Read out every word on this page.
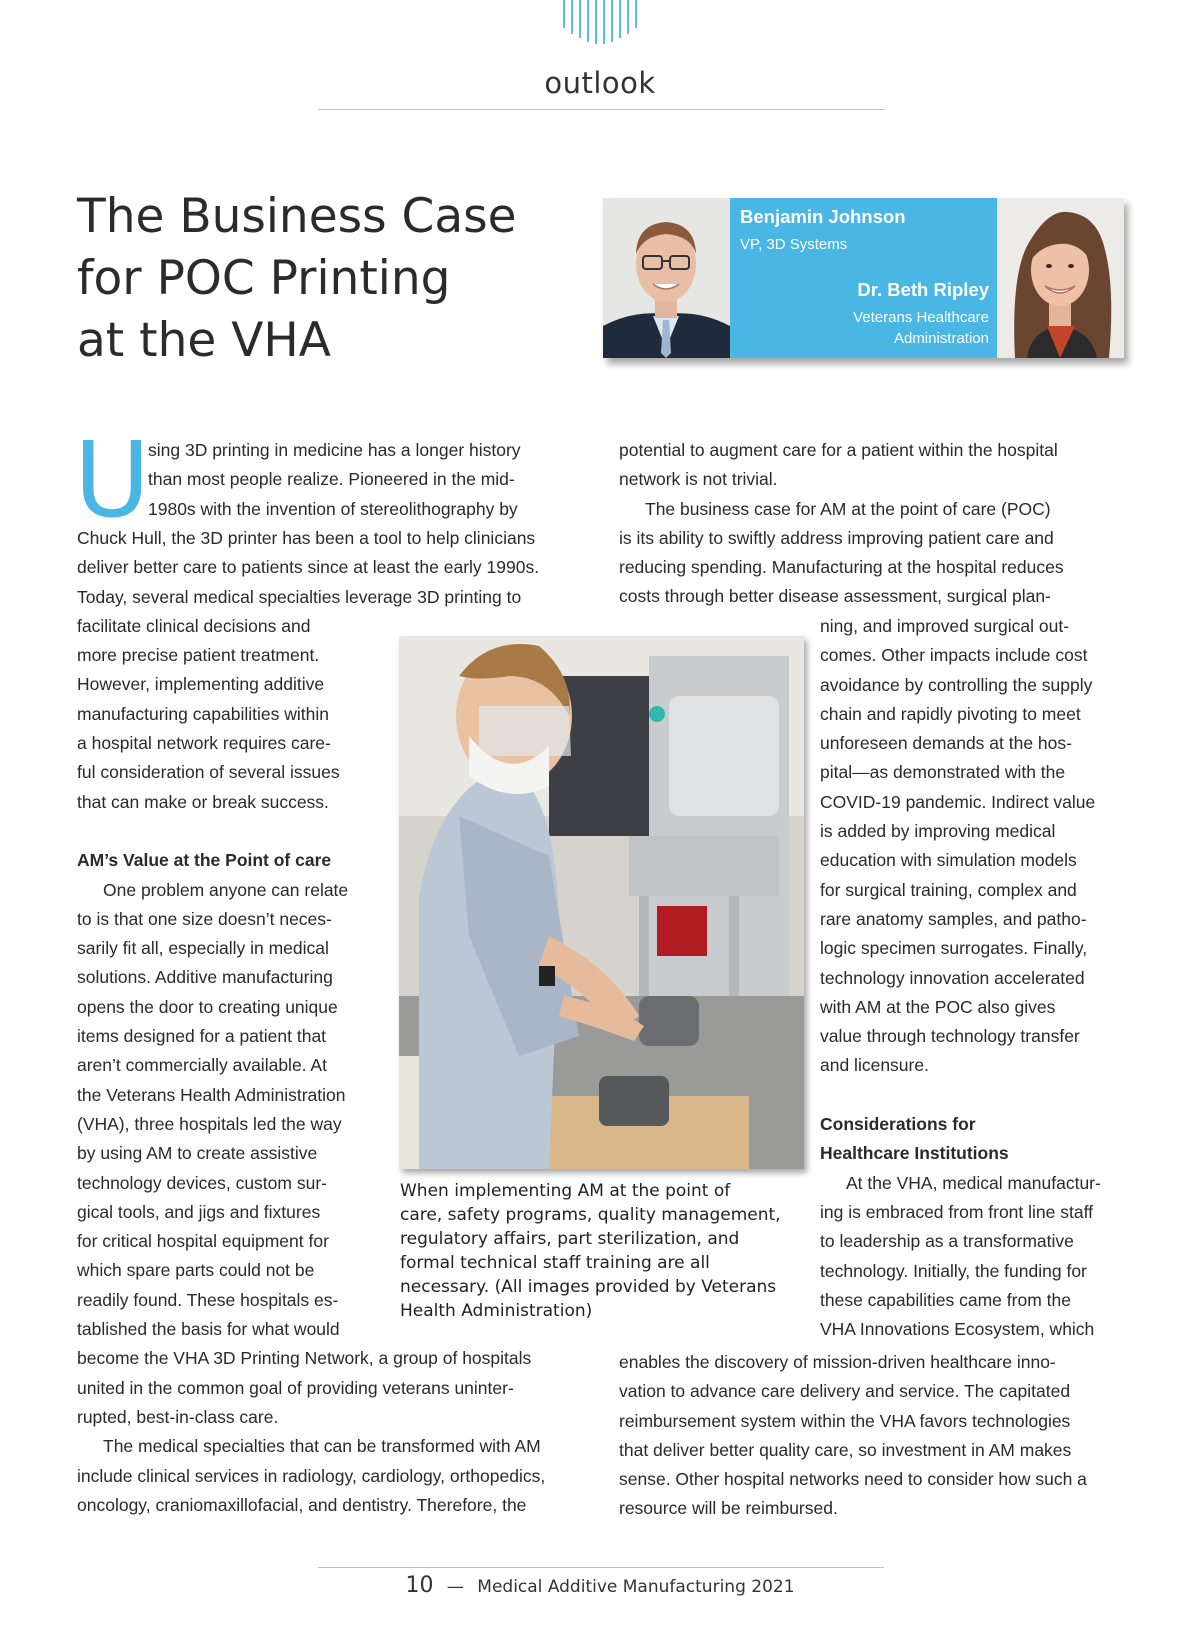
outlook
The Business Case
for POC Printing
at the VHA
Benjamin Johnson
VP, 3D Systems
Dr. Beth Ripley
Veterans Healthcare
Administration
U
sing 3D printing in medicine has a longer history
than most people realize. Pioneered in the mid-
1980s with the invention of stereolithography by
Chuck Hull, the 3D printer has been a tool to help clinicians
deliver better care to patients since at least the early 1990s.
Today, several medical specialties leverage 3D printing to
facilitate clinical decisions and
more precise patient treatment.
However, implementing additive
manufacturing capabilities within
a hospital network requires care-
ful consideration of several issues
that can make or break success.
AM’s Value at the Point of care
One problem anyone can relate
to is that one size doesn’t neces-
sarily fit all, especially in medical
solutions. Additive manufacturing
opens the door to creating unique
items designed for a patient that
aren’t commercially available. At
the Veterans Health Administration
(VHA), three hospitals led the way
by using AM to create assistive
technology devices, custom sur-
gical tools, and jigs and fixtures
for critical hospital equipment for
which spare parts could not be
readily found. These hospitals es-
tablished the basis for what would
become the VHA 3D Printing Network, a group of hospitals
united in the common goal of providing veterans uninter-
rupted, best-in-class care.
The medical specialties that can be transformed with AM
include clinical services in radiology, cardiology, orthopedics,
oncology, craniomaxillofacial, and dentistry. Therefore, the
potential to augment care for a patient within the hospital
network is not trivial.
The business case for AM at the point of care (POC)
is its ability to swiftly address improving patient care and
reducing spending. Manufacturing at the hospital reduces
costs through better disease assessment, surgical plan-
ning, and improved surgical out-
comes. Other impacts include cost
avoidance by controlling the supply
chain and rapidly pivoting to meet
unforeseen demands at the hos-
pital—as demonstrated with the
COVID-19 pandemic. Indirect value
is added by improving medical
education with simulation models
for surgical training, complex and
rare anatomy samples, and patho-
logic specimen surrogates. Finally,
technology innovation accelerated
with AM at the POC also gives
value through technology transfer
and licensure.
Considerations for
Healthcare Institutions
At the VHA, medical manufactur-
ing is embraced from front line staff
to leadership as a transformative
technology. Initially, the funding for
these capabilities came from the
VHA Innovations Ecosystem, which
enables the discovery of mission-driven healthcare inno-
vation to advance care delivery and service. The capitated
reimbursement system within the VHA favors technologies
that deliver better quality care, so investment in AM makes
sense. Other hospital networks need to consider how such a
resource will be reimbursed.
When implementing AM at the point of
care, safety programs, quality management,
regulatory affairs, part sterilization, and
formal technical staff training are all
necessary. (All images provided by Veterans
Health Administration)
10 — Medical Additive Manufacturing 2021
